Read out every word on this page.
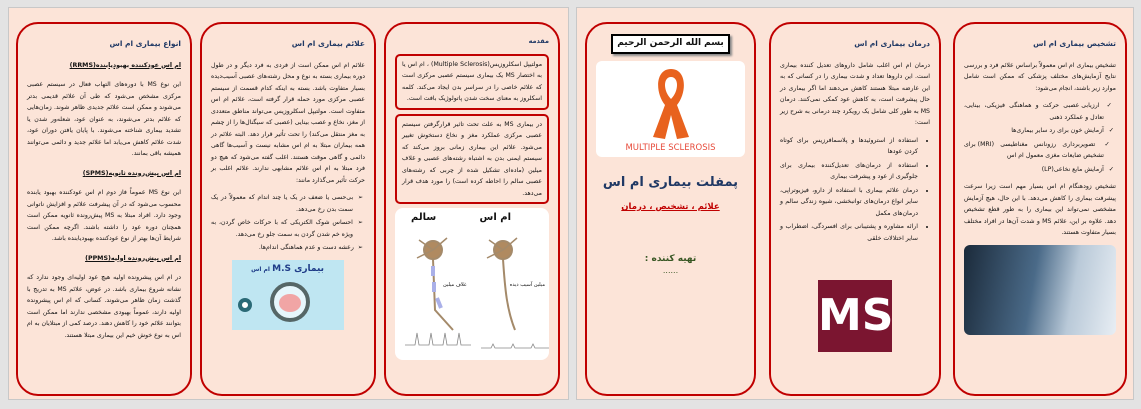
انواع بیماری ام اس
ام اس عودکننده بهبودیابنده(RRMS)

این نوع MS با دوره‌های التهاب فعال در سیستم عصبی مرکزی مشخص می‌شود که طی آن علائم قدیمی بدتر می‌شوند و ممکن است علائم جدیدی ظاهر شوند. زمان‌هایی که علائم بدتر می‌شوند، به عنوان عود، شعله‌ور شدن یا تشدید بیماری شناخته می‌شوند. با پایان یافتن دوران عود، شدت علائم کاهش می‌یابد اما علائم جدید و دائمی می‌توانند همیشه باقی بمانند.

ام اس پیش‌رونده ثانویه(SPMS)

این نوع MS عموماً فاز دوم ام اس عودکننده بهبود یابنده محسوب می‌شود که در آن پیشرفت علائم و افزایش ناتوانی وجود دارد. افراد مبتلا به MS پیش‌رونده ثانویه ممکن است همچنان دوره عود را داشته باشند. اگرچه ممکن است شرایط آن‌ها بهتر از نوع عودکننده بهبودیابنده باشد.

ام اس پیش‌رونده اولیه(PPMS)

در ام اس پیشرونده اولیه هیچ عود اولیه‌ای وجود ندارد که نشانه شروع بیماری باشد. در عوض، علائم MS به تدریج با گذشت زمان ظاهر می‌شوند. کسانی که ام اس پیشرونده اولیه دارند، عموماً بهبودی مشخصی ندارند اما ممکن است بتوانند علائم خود را کاهش دهند. درصد کمی از مبتلایان به ام اس به نوع خوش خیم این بیماری مبتلا هستند.

علائم بیماری ام اس

علائم ام اس ممکن است از فردی به فرد دیگر و در طول دوره بیماری بسته به نوع و محل رشته‌های عصبی آسیب‌دیده بسیار متفاوت باشد. بسته به اینکه کدام قسمت از سیستم عصبی مرکزی مورد حمله قرار گرفته است، علائم ام اس متفاوت است. مولتیپل اسکلروزیس می‌تواند مناطق متعددی از مغز، نخاع و عصب بینایی (عصبی که سیگنال‌ها را از چشم به مغز منتقل می‌کند) را تحت تأثیر قرار دهد. البته علائم در همه بیماران مبتلا به ام اس مشابه نیست و آسیب‌ها گاهی دائمی و گاهی موقت هستند. اغلب گفته می‌شود که هیچ دو فرد مبتلا به ام اس علائم مشابهی ندارند. علائم اغلب بر حرکت تأثیر می‌گذارد مانند:

➢ بی‌حسی یا ضعف در یک یا چند اندام که معمولاً در یک سمت بدن رخ می‌دهد.
➢ احساس شوک الکتریکی که با حرکات خاص گردن، به ویژه خم شدن گردن به سمت جلو رخ می‌دهد.
➢ رعشه دست و عدم هماهنگی اندام‌ها.
بیماری M.S ام اس
مقدمه
مولتیپل اسکلروزیس(Multiple Sclerosis) ، ام اس یا به اختصار MS یک بیماری سیستم عصبی مرکزی است که علائم خاصی را در سراسر بدن ایجاد می‌کند. کلمه اسکلروز به معنای سخت شدن پاتولوژیک بافت است.
در بیماری MS به علت تحت تاثیر قرارگرفتن سیستم عصبی مرکزی عملکرد مغز و نخاع دستخوش تغییر می‌شود. علائم این بیماری زمانی بروز می‌کند که سیستم ایمنی بدن به اشتباه رشته‌های عصبی و غلاف میلین (ماده‌ای تشکیل شده از چربی که رشته‌های عصبی سالم را احاطه کرده است) را مورد هدف قرار می‌دهد.
ام اس
سالم
میلین آسیب دیده
غلاف میلین
بسم الله الرحمن الرحیم
MULTIPLE SCLEROSIS
پمفلت بیماری ام اس
علائم ، تشخیص ، درمان
تهیه کننده :
......
درمان بیماری ام اس

درمان ام اس اغلب شامل داروهای تعدیل کننده بیماری است. این داروها تعداد و شدت بیماری را در کسانی که به این عارضه مبتلا هستند کاهش می‌دهند اما اگر بیماری در حال پیشرفت است، به کاهش عود کمکی نمی‌کنند. درمان MS به طور کلی شامل یک رویکرد چند درمانی به شرح زیر است:

• استفاده از استروئیدها و پلاسمافرزیس برای کوتاه کردن عودها
• استفاده از درمان‌های تعدیل‌کننده بیماری برای جلوگیری از عود و پیشرفت بیماری
• درمان علائم بیماری با استفاده از دارو، فیزیوتراپی، سایر انواع درمان‌های توانبخشی، شیوه زندگی سالم و درمان‌های مکمل
• ارائه مشاوره و پشتیبانی برای افسردگی، اضطراب و سایر اختلالات خلقی
MS
تشخیص بیماری ام اس

تشخیص بیماری ام اس معمولاً براساس علائم فرد و بررسی نتایج آزمایش‌های مختلف پزشکی که ممکن است شامل موارد زیر باشند، انجام می‌شود:

✓ ارزیابی عصبی حرکت و هماهنگی فیزیکی، بینایی، تعادل و عملکرد ذهنی
✓ آزمایش خون برای رد سایر بیماری‌ها
✓ تصویربرداری رزونانس مغناطیسی (MRI) برای تشخیص ضایعات مغزی معمول ام اس
✓ آزمایش مایع نخاعی(LP)

تشخیص زودهنگام ام اس بسیار مهم است زیرا سرعت پیشرفت بیماری را کاهش می‌دهد. با این حال، هیچ آزمایش مشخصی نمی‌تواند این بیماری را به طور قطع تشخیص دهد. علاوه بر این، علائم MS و شدت آن‌ها در افراد مختلف بسیار متفاوت هستند.
